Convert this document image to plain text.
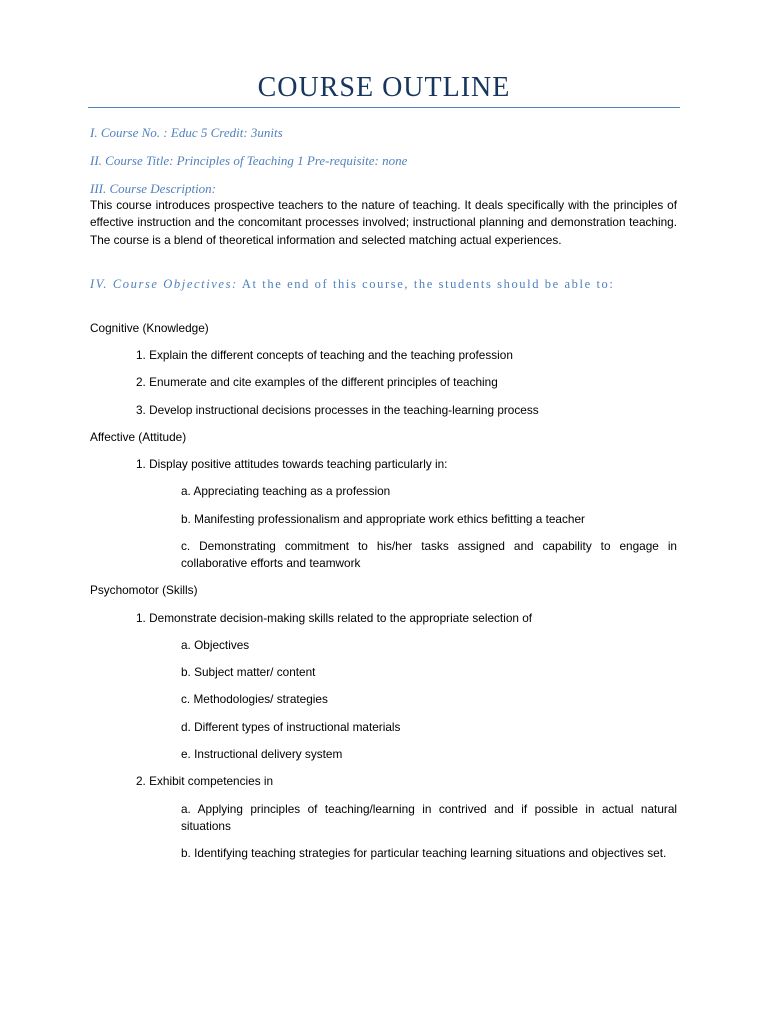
COURSE OUTLINE

I. Course No. : Educ 5 Credit: 3units

II. Course Title: Principles of Teaching 1 Pre-requisite: none

III. Course Description:

This course introduces prospective teachers to the nature of teaching. It deals specifically with the principles of effective instruction and the concomitant processes involved; instructional planning and demonstration teaching. The course is a blend of theoretical information and selected matching actual experiences.

IV. Course Objectives: At the end of this course, the students should be able to:

Cognitive (Knowledge)

1. Explain the different concepts of teaching and the teaching profession

2. Enumerate and cite examples of the different principles of teaching

3. Develop instructional decisions processes in the teaching-learning process

Affective (Attitude)

1. Display positive attitudes towards teaching particularly in:

a. Appreciating teaching as a profession

b. Manifesting professionalism and appropriate work ethics befitting a teacher

c. Demonstrating commitment to his/her tasks assigned and capability to engage in collaborative efforts and teamwork

Psychomotor (Skills)

1. Demonstrate decision-making skills related to the appropriate selection of

a. Objectives

b. Subject matter/ content

c. Methodologies/ strategies

d. Different types of instructional materials

e. Instructional delivery system

2. Exhibit competencies in

a. Applying principles of teaching/learning in contrived and if possible in actual natural situations

b. Identifying teaching strategies for particular teaching learning situations and objectives set.
